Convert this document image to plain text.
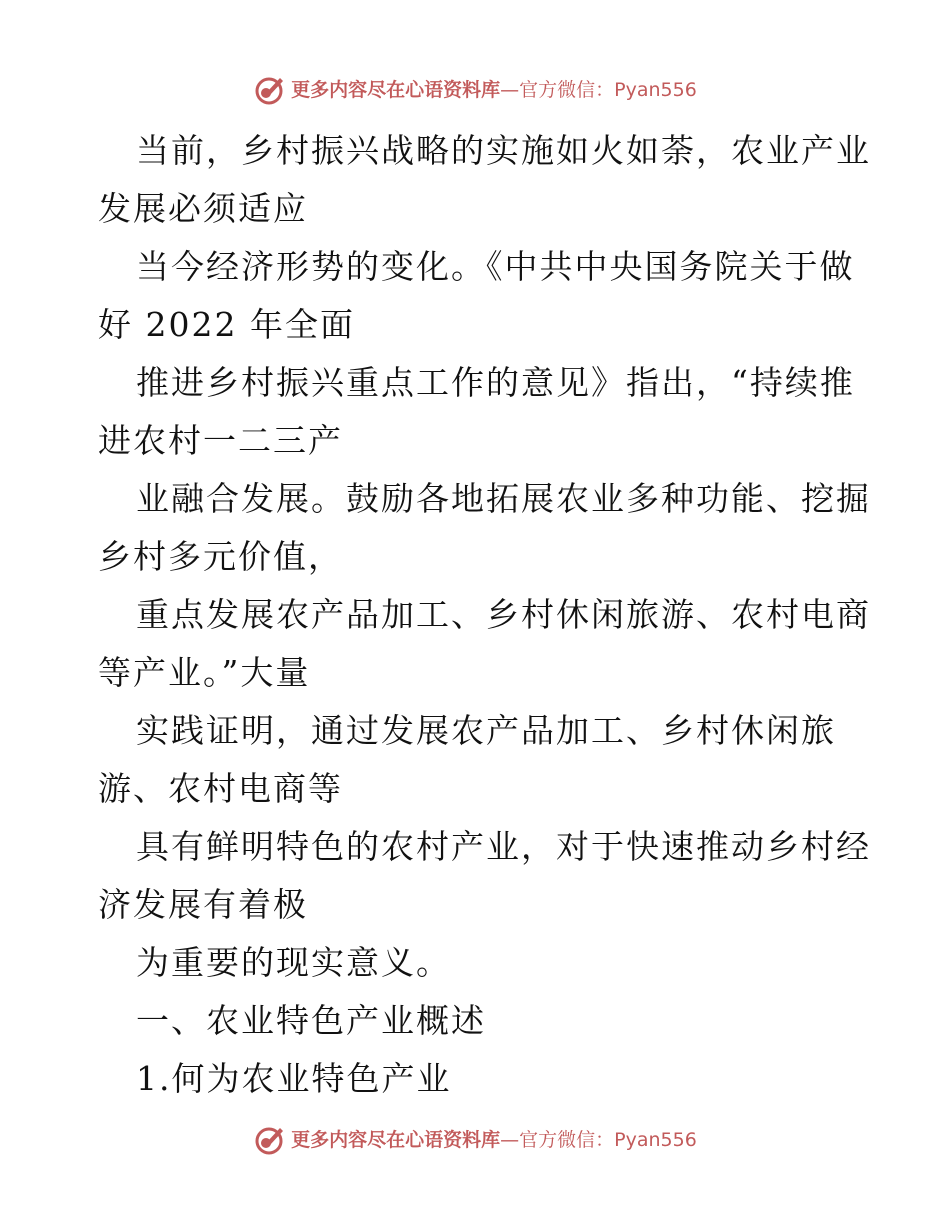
更多内容尽在心语资料库 — 官方微信：Pyan556
当前，乡村振兴战略的实施如火如荼，农业产业
发展必须适应
当今经济形势的变化。《中共中央国务院关于做
好 2022 年全面
推进乡村振兴重点工作的意见》指出，“持续推
进农村一二三产
业融合发展。鼓励各地拓展农业多种功能、挖掘
乡村多元价值，
重点发展农产品加工、乡村休闲旅游、农村电商
等产业。”大量
实践证明，通过发展农产品加工、乡村休闲旅
游、农村电商等
具有鲜明特色的农村产业，对于快速推动乡村经
济发展有着极
为重要的现实意义。
一、农业特色产业概述
1.何为农业特色产业
更多内容尽在心语资料库 — 官方微信：Pyan556
